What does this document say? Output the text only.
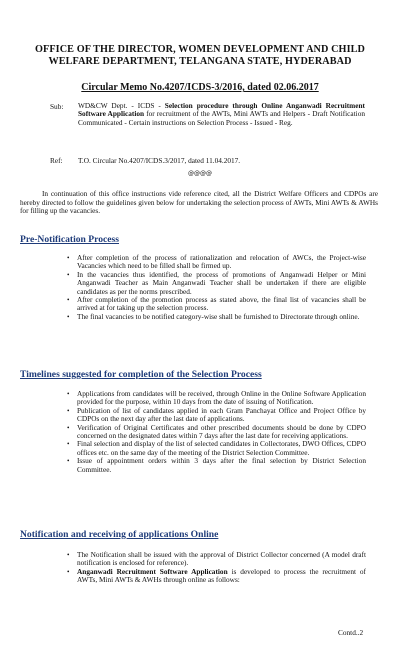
OFFICE OF THE DIRECTOR, WOMEN DEVELOPMENT AND CHILD
WELFARE DEPARTMENT, TELANGANA STATE, HYDERABAD
Circular Memo No.4207/ICDS-3/2016, dated 02.06.2017
Sub: WD&CW Dept. - ICDS - Selection procedure through Online Anganwadi Recruitment Software Application for recruitment of the AWTs, Mini AWTs and Helpers - Draft Notification Communicated - Certain instructions on Selection Process - Issued - Reg.
Ref: T.O. Circular No.4207/ICDS.3/2017, dated 11.04.2017.
@@@@
In continuation of this office instructions vide reference cited, all the District Welfare Officers and CDPOs are hereby directed to follow the guidelines given below for undertaking the selection process of AWTs, Mini AWTs & AWHs for filling up the vacancies.
Pre-Notification Process
• After completion of the process of rationalization and relocation of AWCs, the Project-wise Vacancies which need to be filled shall be firmed up.
• In the vacancies thus identified, the process of promotions of Anganwadi Helper or Mini Anganwadi Teacher as Main Anganwadi Teacher shall be undertaken if there are eligible candidates as per the norms prescribed.
• After completion of the promotion process as stated above, the final list of vacancies shall be arrived at for taking up the selection process.
• The final vacancies to be notified category-wise shall be furnished to Directorate through online.
Timelines suggested for completion of the Selection Process
• Applications from candidates will be received, through Online in the Online Software Application provided for the purpose, within 10 days from the date of issuing of Notification.
• Publication of list of candidates applied in each Gram Panchayat Office and Project Office by CDPOs on the next day after the last date of applications.
• Verification of Original Certificates and other prescribed documents should be done by CDPO concerned on the designated dates within 7 days after the last date for receiving applications.
• Final selection and display of the list of selected candidates in Collectorates, DWO Offices, CDPO offices etc. on the same day of the meeting of the District Selection Committee.
• Issue of appointment orders within 3 days after the final selection by District Selection Committee.
Notification and receiving of applications Online
• The Notification shall be issued with the approval of District Collector concerned (A model draft notification is enclosed for reference).
• Anganwadi Recruitment Software Application is developed to process the recruitment of AWTs, Mini AWTs & AWHs through online as follows:
Contd..2
